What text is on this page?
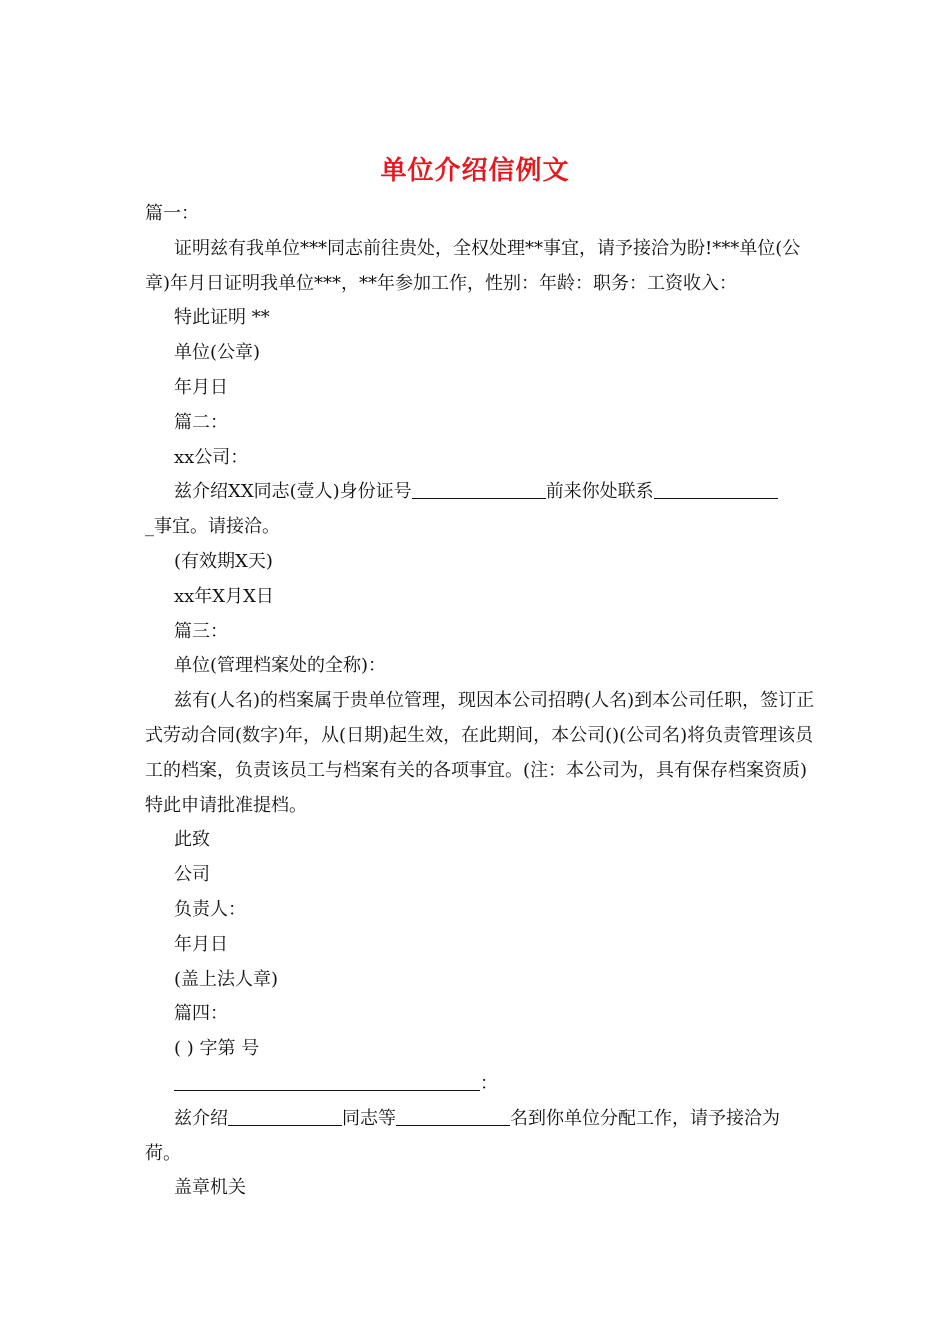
单位介绍信例文

篇一：

证明兹有我单位***同志前往贵处，全权处理**事宜，请予接洽为盼!***单位(公章)年月日证明我单位***，**年参加工作，性别：年龄：职务：工资收入：

特此证明 **

单位(公章)

年月日

篇二：

xx公司：

兹介绍XX同志(壹人)身份证号	前来你处联系

_事宜。请接洽。

(有效期X天)

xx年X月X日

篇三：

单位(管理档案处的全称)：

兹有(人名)的档案属于贵单位管理，现因本公司招聘(人名)到本公司任职，签订正式劳动合同(数字)年，从(日期)起生效，在此期间，本公司()(公司名)将负责管理该员工的档案，负责该员工与档案有关的各项事宜。(注：本公司为，具有保存档案资质)特此申请批准提档。

此致

公司

负责人：

年月日

(盖上法人章)

篇四：

( ) 字第 号

：

兹介绍	同志等	名到你单位分配工作，请予接洽为荷。

盖章机关
